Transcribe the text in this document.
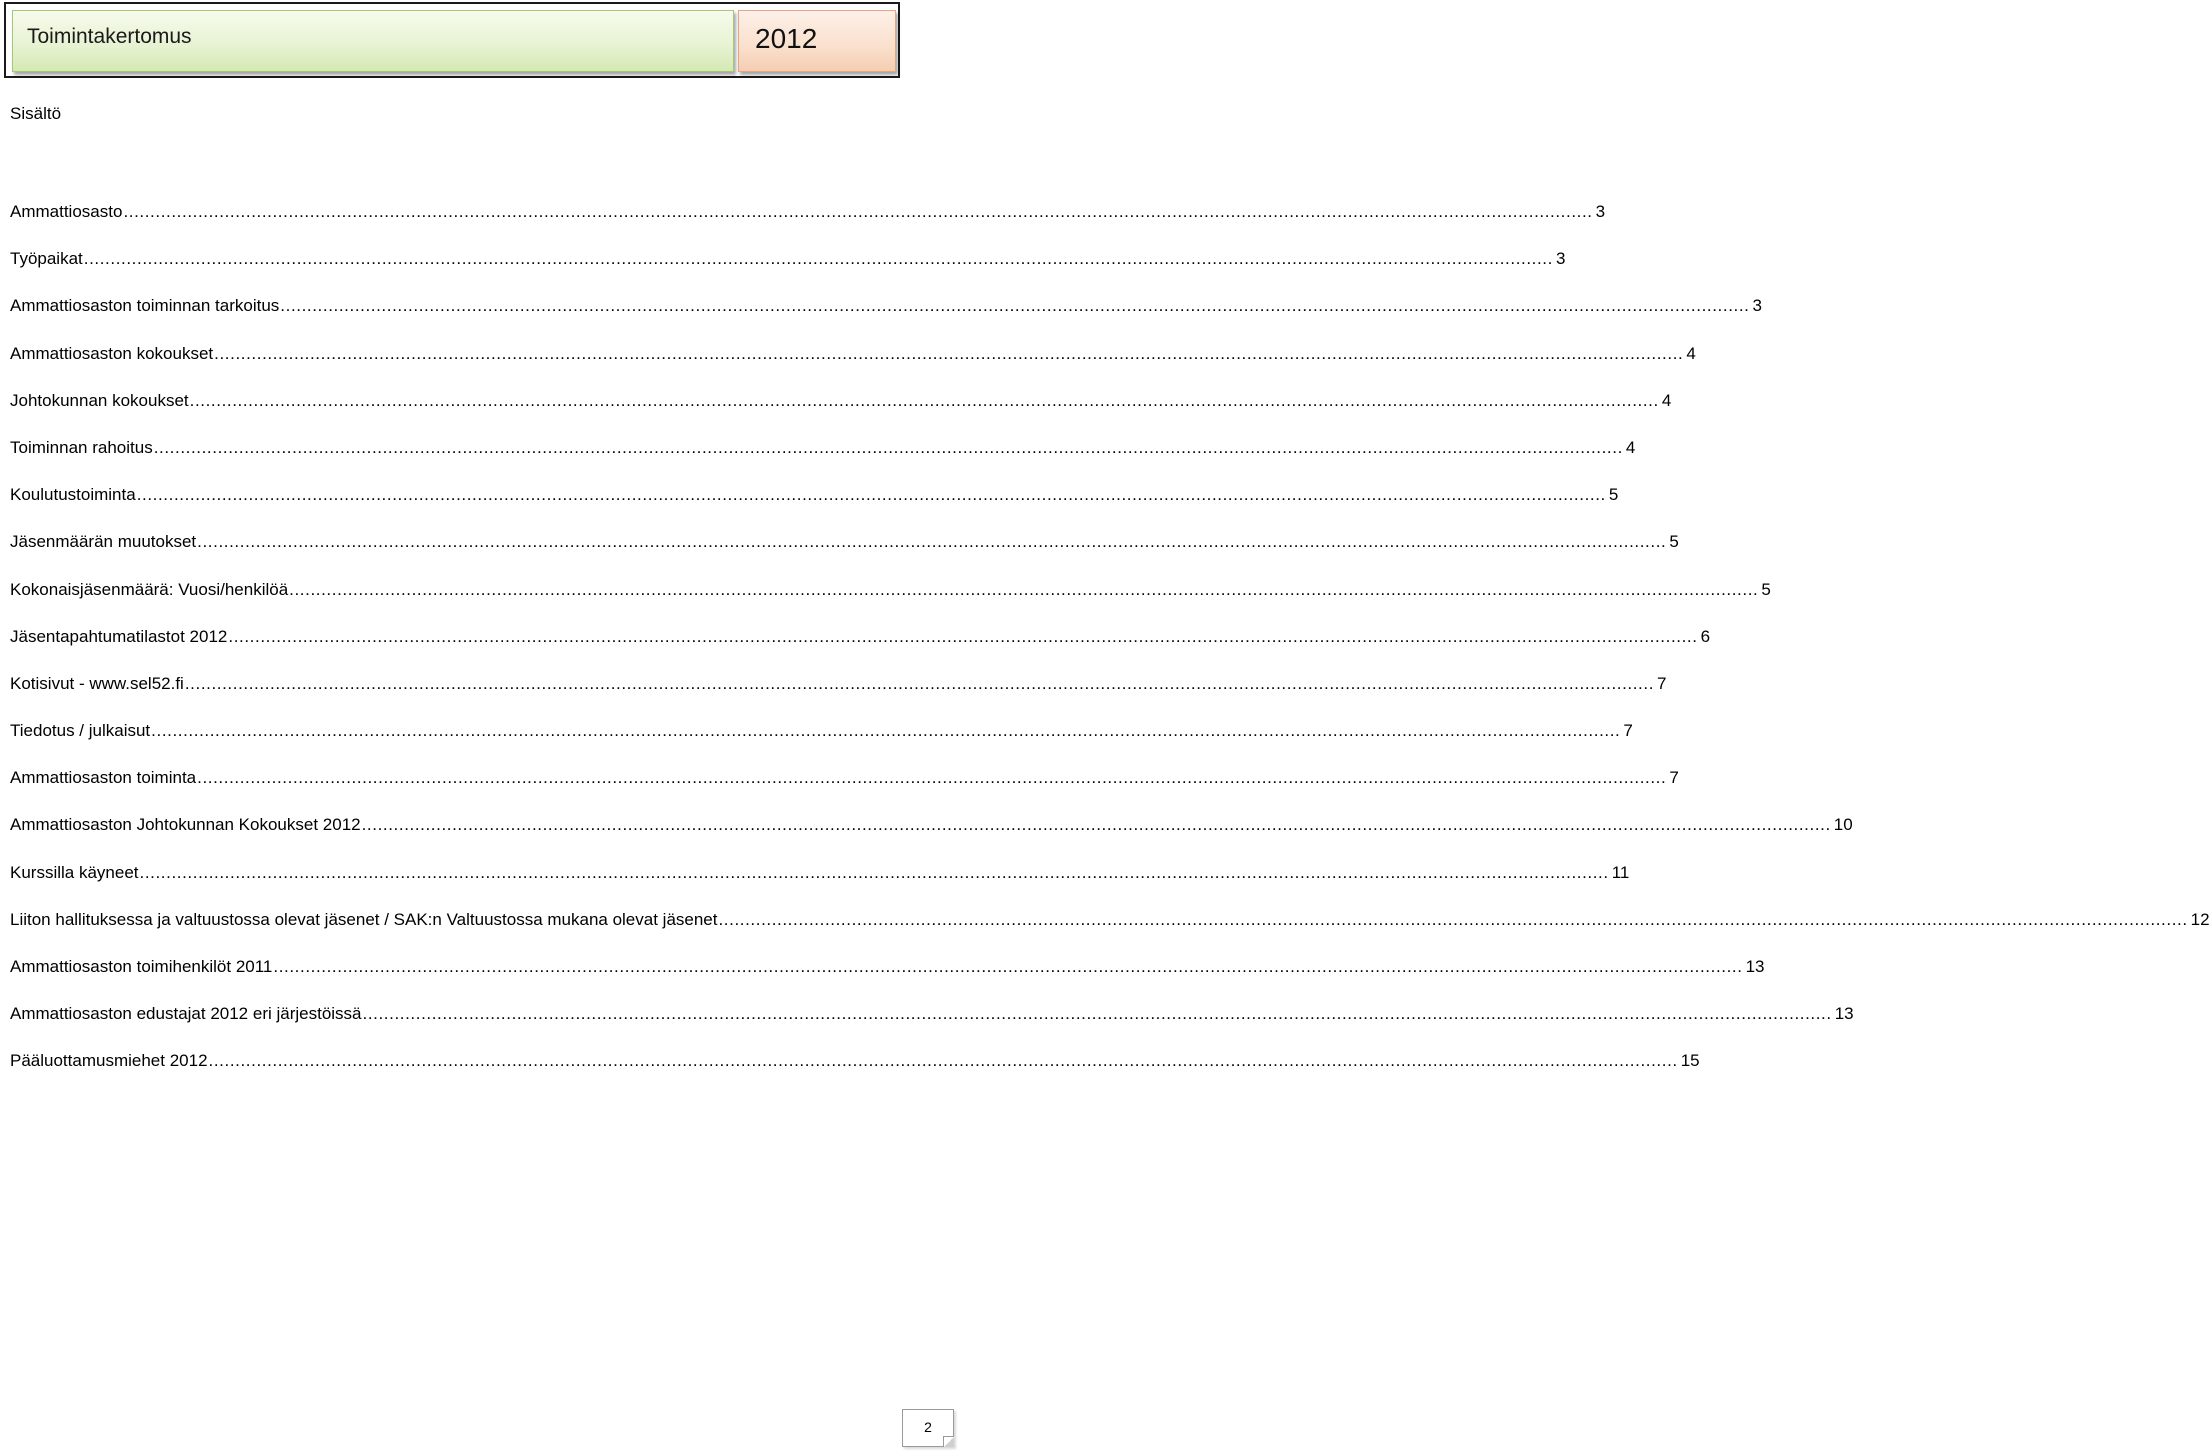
Toimintakertomus	2012
Sisältö
Ammattiosasto .................................................................................................................................................................................................................................................................................... 3
Työpaikat .................................................................................................................................................................................................................................................................................... 3
Ammattiosaston toiminnan tarkoitus .................................................................................................................................................................................................................................................................................... 3
Ammattiosaston kokoukset .................................................................................................................................................................................................................................................................................... 4
Johtokunnan kokoukset .................................................................................................................................................................................................................................................................................... 4
Toiminnan rahoitus .................................................................................................................................................................................................................................................................................... 4
Koulutustoiminta .................................................................................................................................................................................................................................................................................... 5
Jäsenmäärän muutokset .................................................................................................................................................................................................................................................................................... 5
Kokonaisjäsenmäärä: Vuosi/henkilöä .................................................................................................................................................................................................................................................................................... 5
Jäsentapahtumatilastot 2012 .................................................................................................................................................................................................................................................................................... 6
Kotisivut - www.sel52.fi .................................................................................................................................................................................................................................................................................... 7
Tiedotus / julkaisut .................................................................................................................................................................................................................................................................................... 7
Ammattiosaston toiminta .................................................................................................................................................................................................................................................................................... 7
Ammattiosaston Johtokunnan Kokoukset 2012 .................................................................................................................................................................................................................................................................................... 10
Kurssilla käyneet .................................................................................................................................................................................................................................................................................... 11
Liiton hallituksessa ja valtuustossa olevat jäsenet / SAK:n Valtuustossa mukana olevat jäsenet .................................................................................................................................................................................................................................................................................... 12
Ammattiosaston toimihenkilöt 2011 .................................................................................................................................................................................................................................................................................... 13
Ammattiosaston edustajat 2012 eri järjestöissä .................................................................................................................................................................................................................................................................................... 13
Pääluottamusmiehet 2012 .................................................................................................................................................................................................................................................................................... 15
2
